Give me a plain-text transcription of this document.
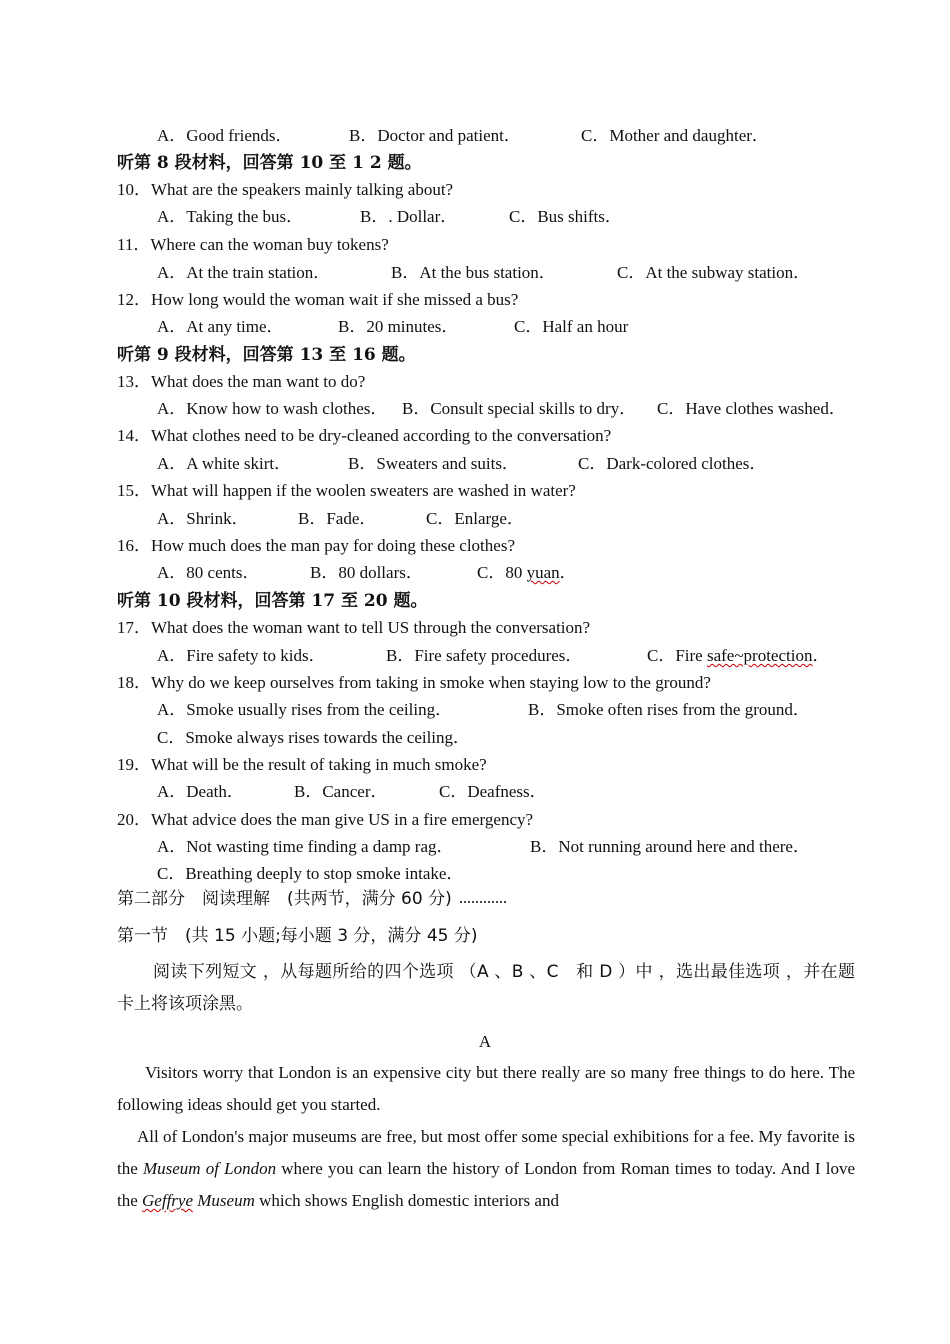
A．Good friends．	B．Doctor and patient．	C．Mother and daughter．
听第 8 段材料，回答第 10 至 1 2 题。
10．What are the speakers mainly talking about?
A．Taking the bus．	B．. Dollar．	C．Bus shifts．
11．Where can the woman buy tokens?
A．At the train station．	B．At the bus station．	C．At the subway station．
12．How long would the woman wait if she missed a bus?
A．At any time．	B．20 minutes．	C．Half an hour
听第 9 段材料，回答第 13 至 16 题。
13．What does the man want to do?
A．Know how to wash clothes． B．Consult special skills to dry． C．Have clothes washed．
14．What clothes need to be dry-cleaned according to the conversation?
A．A white skirt．	B．Sweaters and suits．	C．Dark-colored clothes．
15．What will happen if the woolen sweaters are washed in water?
A．Shrink．	B．Fade．	C．Enlarge．
16．How much does the man pay for doing these clothes?
A．80 cents．	B．80 dollars．	C．80 yuan．
听第 10 段材料，回答第 17 至 20 题。
17．What does the woman want to tell US through the conversation?
A．Fire safety to kids．	B．Fire safety procedures．	C．Fire safe~protection．
18．Why do we keep ourselves from taking in smoke when staying low to the ground?
A．Smoke usually rises from the ceiling．	B．Smoke often rises from the ground．
C．Smoke always rises towards the ceiling．
19．What will be the result of taking in much smoke?
A．Death．	B．Cancer．	C．Deafness．
20．What advice does the man give US in a fire emergency?
A．Not wasting time finding a damp rag．	B．Not running around here and there．
C．Breathing deeply to stop smoke intake．
第二部分　阅读理解　(共两节，满分 60 分)
第一节　(共 15 小题;每小题 3 分，满分 45 分)
阅读下列短文 ，从每题所给的四个选项 （A 、B 、C　和 D ）中 ，选出最佳选项 ，并在题卡上将该项涂黑。
A
Visitors worry that London is an expensive city but there really are so many free things to do here. The following ideas should get you started.
All of London's major museums are free, but most offer some special exhibitions for a fee. My favorite is the Museum of London where you can learn the history of London from Roman times to today. And I love the Geffrye Museum which shows English domestic interiors and
